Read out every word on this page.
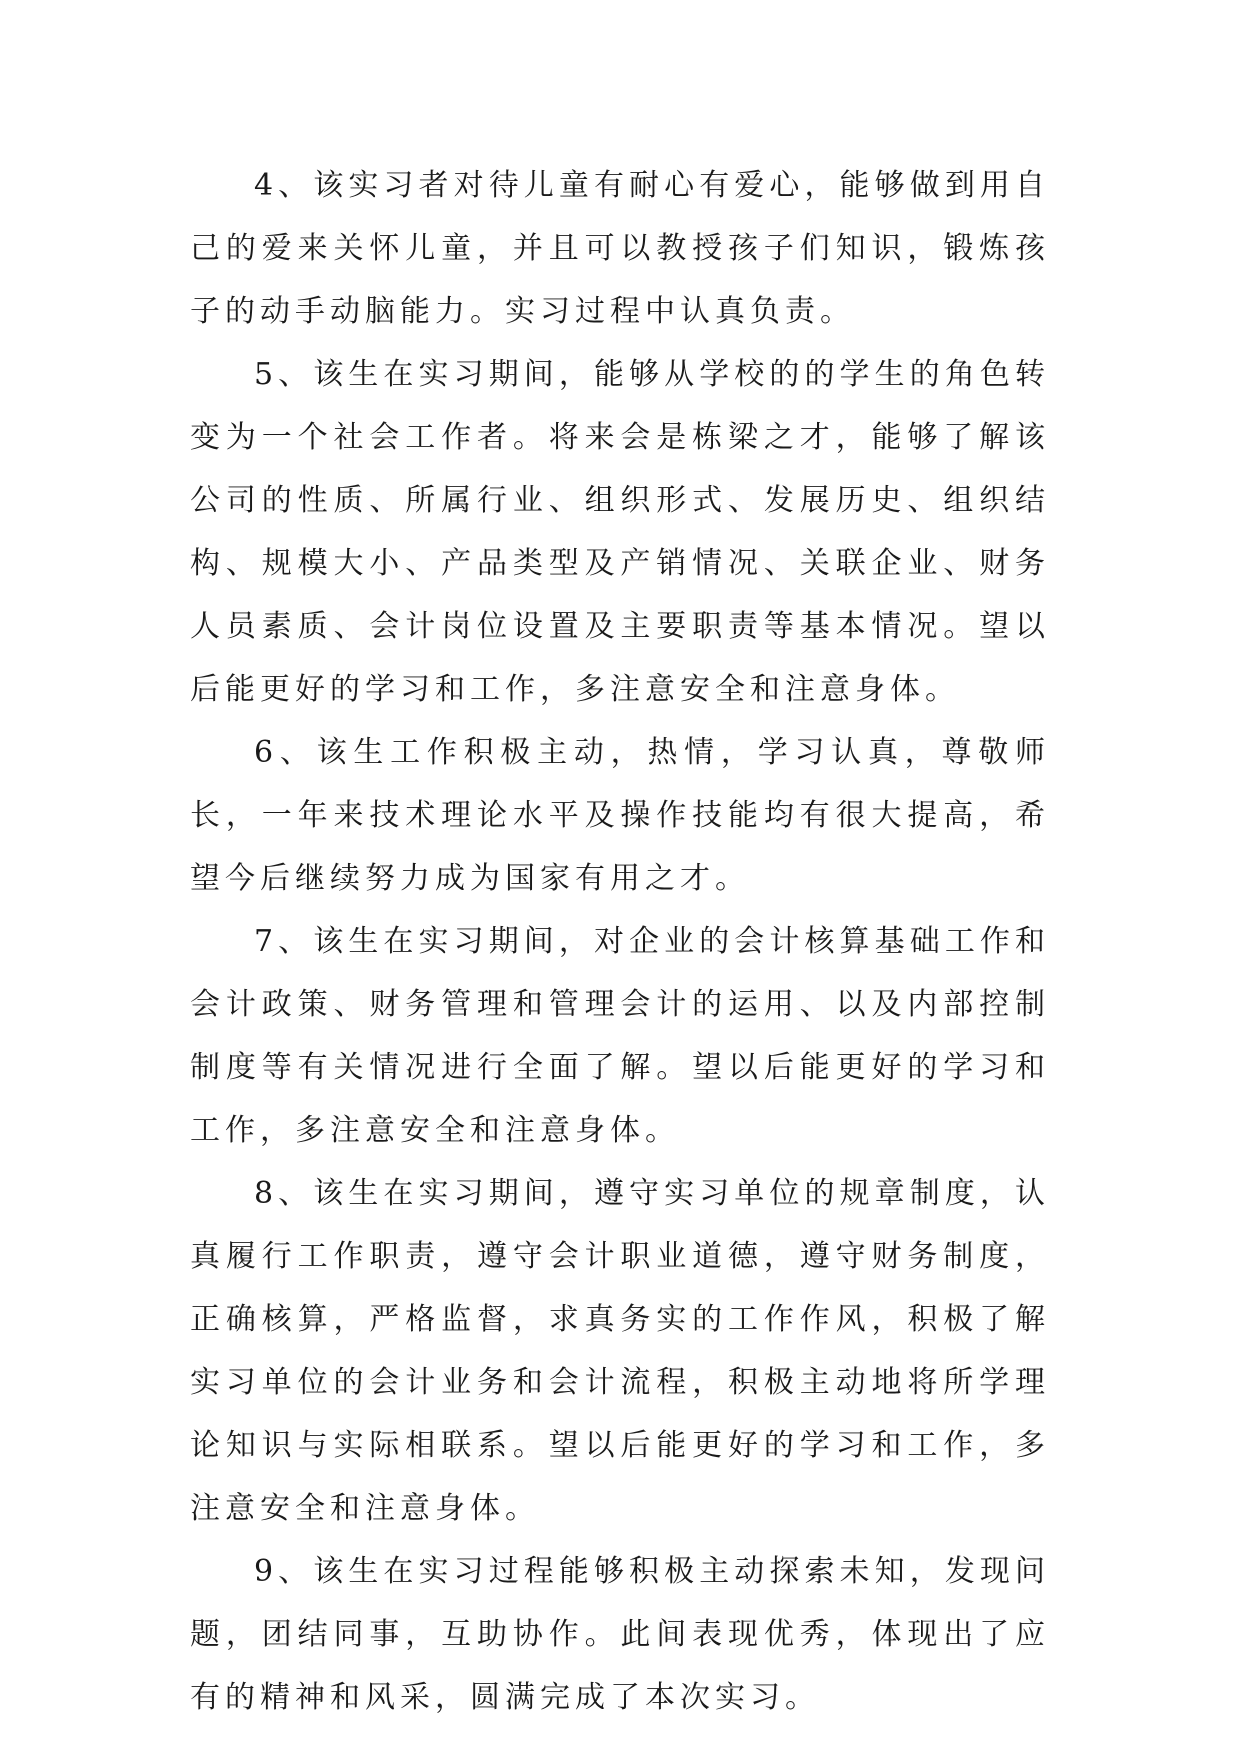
4、该实习者对待儿童有耐心有爱心，能够做到用自己的爱来关怀儿童，并且可以教授孩子们知识，锻炼孩子的动手动脑能力。实习过程中认真负责。

5、该生在实习期间，能够从学校的的学生的角色转变为一个社会工作者。将来会是栋梁之才，能够了解该公司的性质、所属行业、组织形式、发展历史、组织结构、规模大小、产品类型及产销情况、关联企业、财务人员素质、会计岗位设置及主要职责等基本情况。望以后能更好的学习和工作，多注意安全和注意身体。

6、该生工作积极主动，热情，学习认真，尊敬师长，一年来技术理论水平及操作技能均有很大提高，希望今后继续努力成为国家有用之才。

7、该生在实习期间，对企业的会计核算基础工作和会计政策、财务管理和管理会计的运用、以及内部控制制度等有关情况进行全面了解。望以后能更好的学习和工作，多注意安全和注意身体。

8、该生在实习期间，遵守实习单位的规章制度，认真履行工作职责，遵守会计职业道德，遵守财务制度，正确核算，严格监督，求真务实的工作作风，积极了解实习单位的会计业务和会计流程，积极主动地将所学理论知识与实际相联系。望以后能更好的学习和工作，多注意安全和注意身体。

9、该生在实习过程能够积极主动探索未知，发现问题，团结同事，互助协作。此间表现优秀，体现出了应有的精神和风采，圆满完成了本次实习。
